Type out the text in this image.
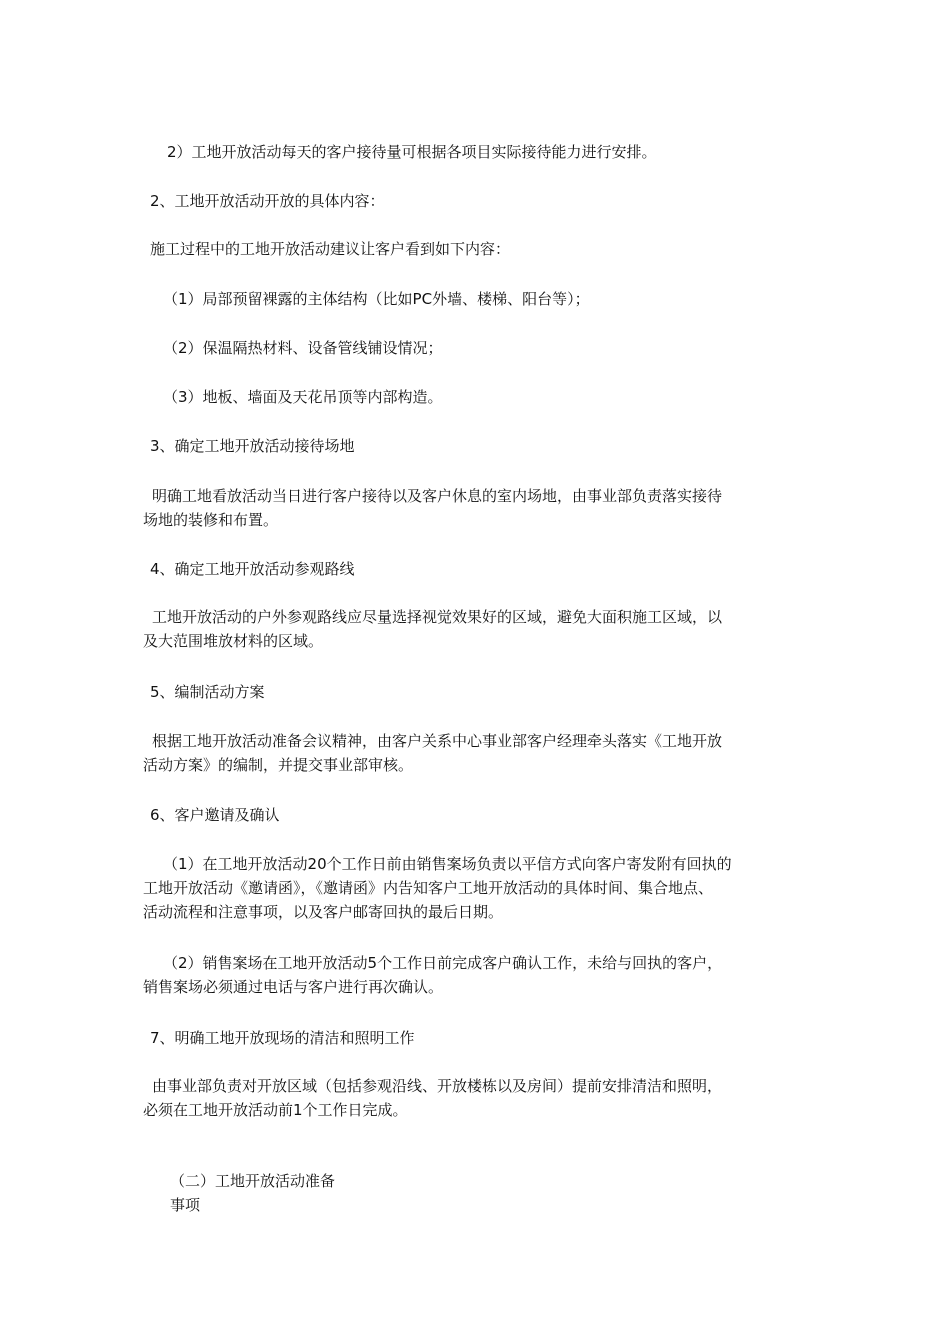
2）工地开放活动每天的客户接待量可根据各项目实际接待能力进行安排。

2、工地开放活动开放的具体内容：

施工过程中的工地开放活动建议让客户看到如下内容：

（1）局部预留裸露的主体结构（比如PC外墙、楼梯、阳台等）；

（2）保温隔热材料、设备管线铺设情况；

（3）地板、墙面及天花吊顶等内部构造。

3、确定工地开放活动接待场地

明确工地看放活动当日进行客户接待以及客户休息的室内场地，由事业部负责落实接待
场地的装修和布置。

4、确定工地开放活动参观路线

工地开放活动的户外参观路线应尽量选择视觉效果好的区域，避免大面积施工区域，以
及大范围堆放材料的区域。

5、编制活动方案

根据工地开放活动准备会议精神，由客户关系中心事业部客户经理牵头落实《工地开放
活动方案》的编制，并提交事业部审核。

6、客户邀请及确认

（1）在工地开放活动20个工作日前由销售案场负责以平信方式向客户寄发附有回执的
工地开放活动《邀请函》，《邀请函》内告知客户工地开放活动的具体时间、集合地点、
活动流程和注意事项，以及客户邮寄回执的最后日期。
（2）销售案场在工地开放活动5个工作日前完成客户确认工作，未给与回执的客户，
销售案场必须通过电话与客户进行再次确认。

7、明确工地开放现场的清洁和照明工作

由事业部负责对开放区域（包括参观沿线、开放楼栋以及房间）提前安排清洁和照明，
必须在工地开放活动前1个工作日完成。
（二）工地开放活动准备
事项
